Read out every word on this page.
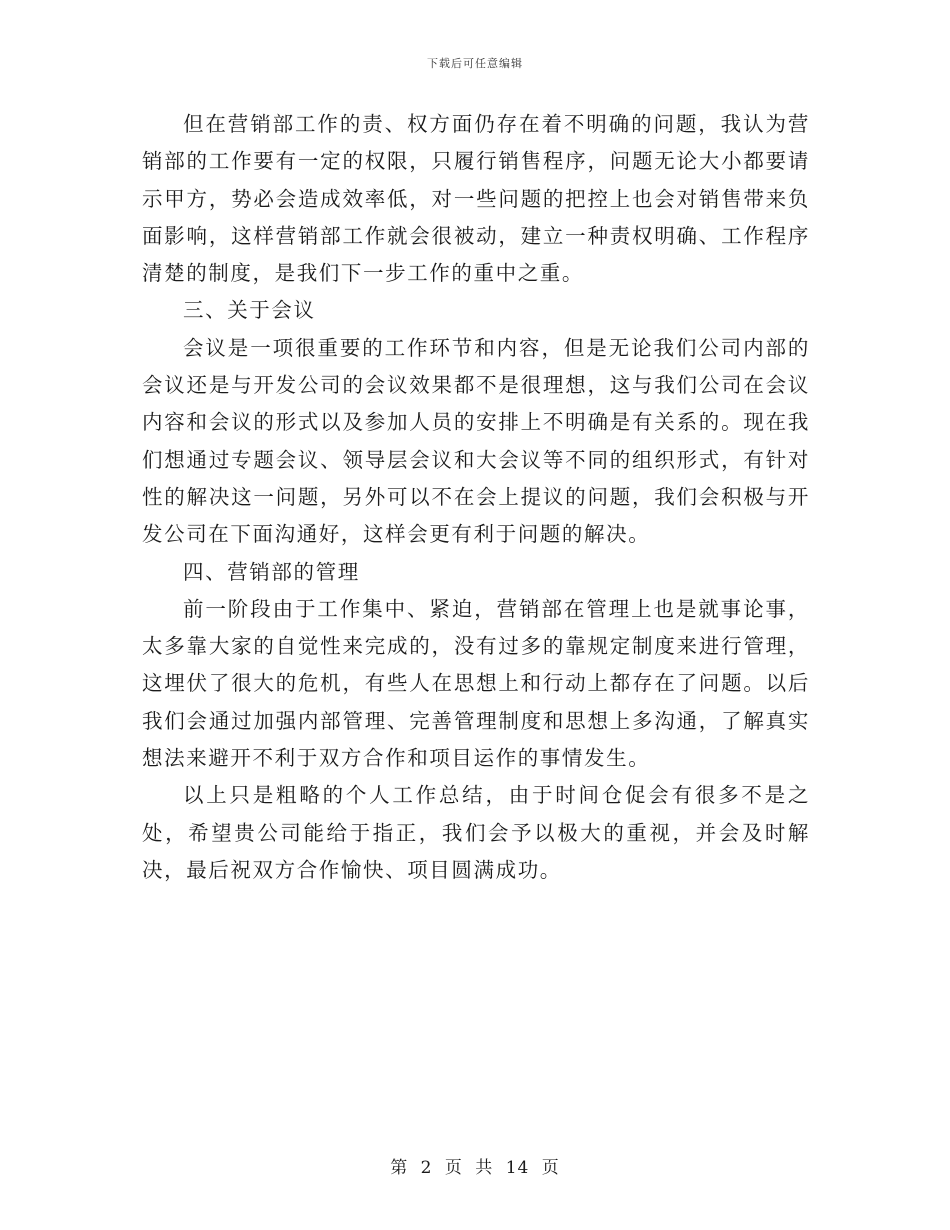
下载后可任意编辑

但在营销部工作的责、权方面仍存在着不明确的问题，我认为营销部的工作要有一定的权限，只履行销售程序，问题无论大小都要请示甲方，势必会造成效率低，对一些问题的把控上也会对销售带来负面影响，这样营销部工作就会很被动，建立一种责权明确、工作程序清楚的制度，是我们下一步工作的重中之重。

三、关于会议

会议是一项很重要的工作环节和内容，但是无论我们公司内部的会议还是与开发公司的会议效果都不是很理想，这与我们公司在会议内容和会议的形式以及参加人员的安排上不明确是有关系的。现在我们想通过专题会议、领导层会议和大会议等不同的组织形式，有针对性的解决这一问题，另外可以不在会上提议的问题，我们会积极与开发公司在下面沟通好，这样会更有利于问题的解决。

四、营销部的管理

前一阶段由于工作集中、紧迫，营销部在管理上也是就事论事，太多靠大家的自觉性来完成的，没有过多的靠规定制度来进行管理，这埋伏了很大的危机，有些人在思想上和行动上都存在了问题。以后我们会通过加强内部管理、完善管理制度和思想上多沟通，了解真实想法来避开不利于双方合作和项目运作的事情发生。

以上只是粗略的个人工作总结，由于时间仓促会有很多不是之处，希望贵公司能给于指正，我们会予以极大的重视，并会及时解决，最后祝双方合作愉快、项目圆满成功。

第 2 页 共 14 页
